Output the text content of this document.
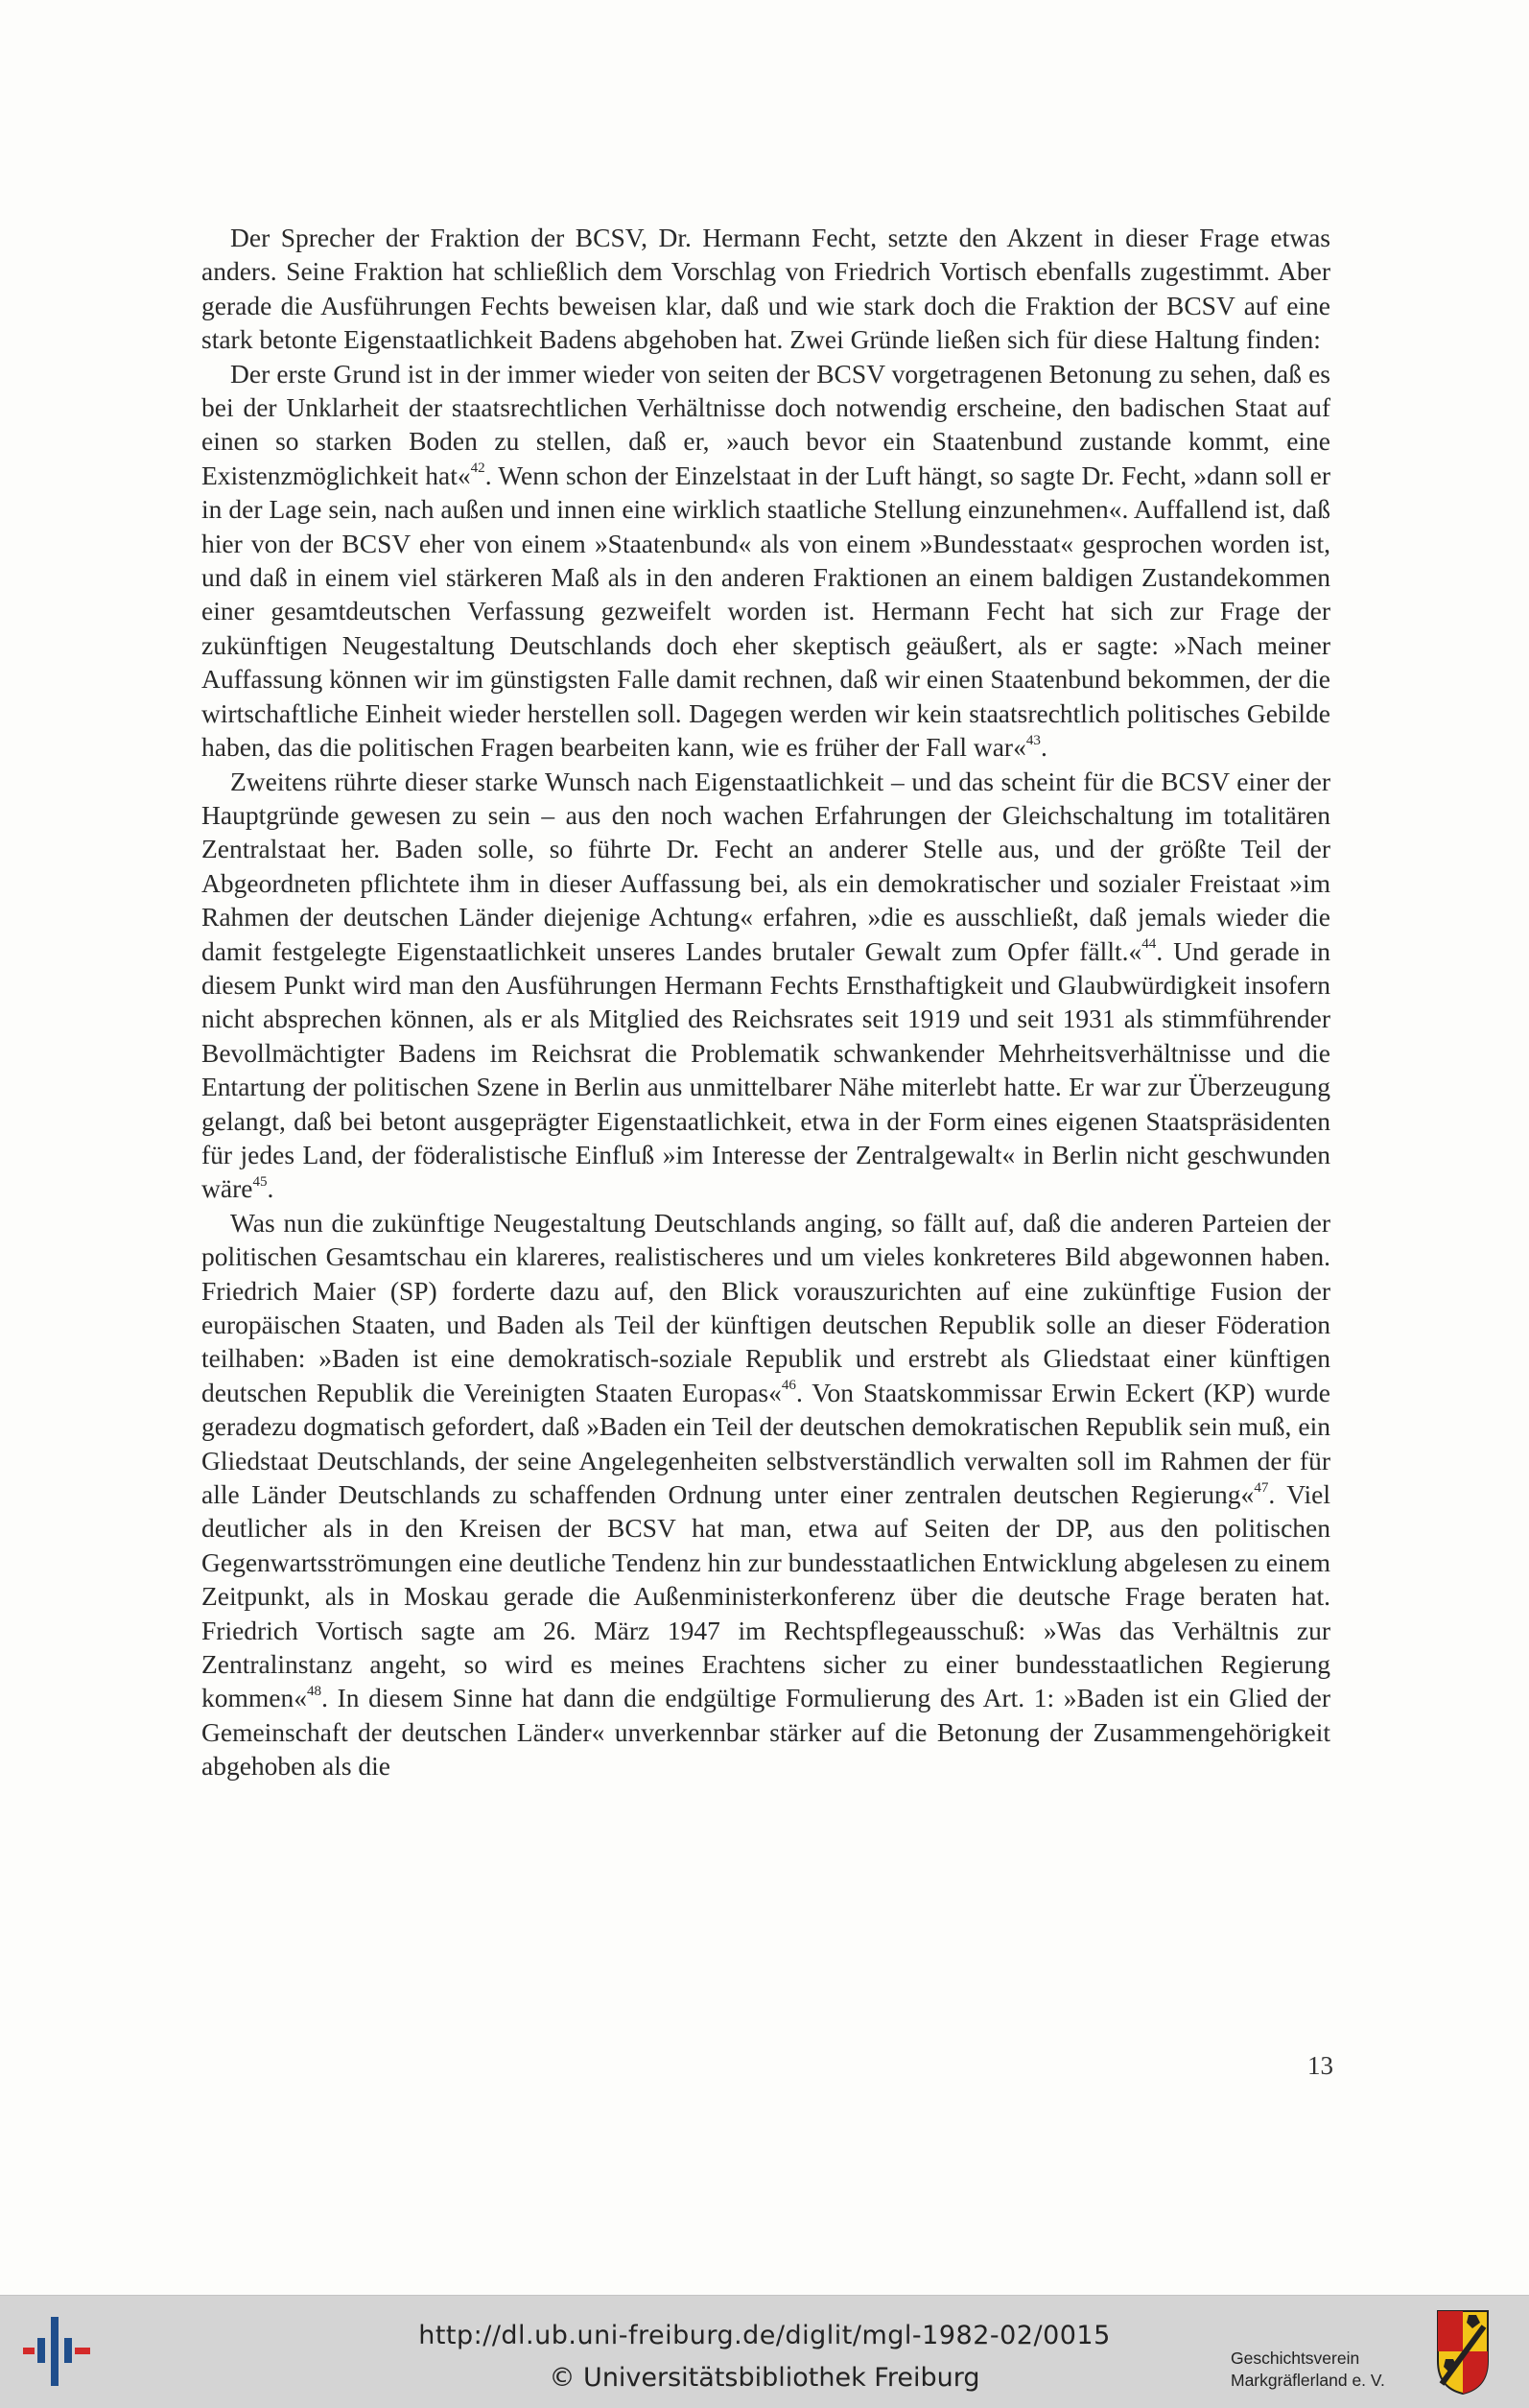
Der Sprecher der Fraktion der BCSV, Dr. Hermann Fecht, setzte den Akzent in dieser Frage etwas anders. Seine Fraktion hat schließlich dem Vorschlag von Friedrich Vortisch ebenfalls zugestimmt. Aber gerade die Ausführungen Fechts beweisen klar, daß und wie stark doch die Fraktion der BCSV auf eine stark betonte Eigenstaatlichkeit Badens abgehoben hat. Zwei Gründe ließen sich für diese Haltung finden:

Der erste Grund ist in der immer wieder von seiten der BCSV vorgetragenen Betonung zu sehen, daß es bei der Unklarheit der staatsrechtlichen Verhältnisse doch notwendig erscheine, den badischen Staat auf einen so starken Boden zu stellen, daß er, »auch bevor ein Staatenbund zustande kommt, eine Existenzmöglichkeit hat«$^{42}$. Wenn schon der Einzelstaat in der Luft hängt, so sagte Dr. Fecht, »dann soll er in der Lage sein, nach außen und innen eine wirklich staatliche Stellung einzunehmen«. Auffallend ist, daß hier von der BCSV eher von einem »Staatenbund« als von einem »Bundesstaat« gesprochen worden ist, und daß in einem viel stärkeren Maß als in den anderen Fraktionen an einem baldigen Zustandekommen einer gesamtdeutschen Verfassung gezweifelt worden ist. Hermann Fecht hat sich zur Frage der zukünftigen Neugestaltung Deutschlands doch eher skeptisch geäußert, als er sagte: »Nach meiner Auffassung können wir im günstigsten Falle damit rechnen, daß wir einen Staatenbund bekommen, der die wirtschaftliche Einheit wieder herstellen soll. Dagegen werden wir kein staatsrechtlich politisches Gebilde haben, das die politischen Fragen bearbeiten kann, wie es früher der Fall war«$^{43}$.

Zweitens rührte dieser starke Wunsch nach Eigenstaatlichkeit – und das scheint für die BCSV einer der Hauptgründe gewesen zu sein – aus den noch wachen Erfahrungen der Gleichschaltung im totalitären Zentralstaat her. Baden solle, so führte Dr. Fecht an anderer Stelle aus, und der größte Teil der Abgeordneten pflichtete ihm in dieser Auffassung bei, als ein demokratischer und sozialer Freistaat »im Rahmen der deutschen Länder diejenige Achtung« erfahren, »die es ausschließt, daß jemals wieder die damit festgelegte Eigenstaatlichkeit unseres Landes brutaler Gewalt zum Opfer fällt.«$^{44}$. Und gerade in diesem Punkt wird man den Ausführungen Hermann Fechts Ernsthaftigkeit und Glaubwürdigkeit insofern nicht absprechen können, als er als Mitglied des Reichsrates seit 1919 und seit 1931 als stimmführender Bevollmächtigter Badens im Reichsrat die Problematik schwankender Mehrheitsverhältnisse und die Entartung der politischen Szene in Berlin aus unmittelbarer Nähe miterlebt hatte. Er war zur Überzeugung gelangt, daß bei betont ausgeprägter Eigenstaatlichkeit, etwa in der Form eines eigenen Staatspräsidenten für jedes Land, der föderalistische Einfluß »im Interesse der Zentralgewalt« in Berlin nicht geschwunden wäre$^{45}$.

Was nun die zukünftige Neugestaltung Deutschlands anging, so fällt auf, daß die anderen Parteien der politischen Gesamtschau ein klareres, realistischeres und um vieles konkreteres Bild abgewonnen haben. Friedrich Maier (SP) forderte dazu auf, den Blick vorauszurichten auf eine zukünftige Fusion der europäischen Staaten, und Baden als Teil der künftigen deutschen Republik solle an dieser Föderation teilhaben: »Baden ist eine demokratisch-soziale Republik und erstrebt als Gliedstaat einer künftigen deutschen Republik die Vereinigten Staaten Europas«$^{46}$. Von Staatskommissar Erwin Eckert (KP) wurde geradezu dogmatisch gefordert, daß »Baden ein Teil der deutschen demokratischen Republik sein muß, ein Gliedstaat Deutschlands, der seine Angelegenheiten selbstverständlich verwalten soll im Rahmen der für alle Länder Deutschlands zu schaffenden Ordnung unter einer zentralen deutschen Regierung«$^{47}$. Viel deutlicher als in den Kreisen der BCSV hat man, etwa auf Seiten der DP, aus den politischen Gegenwartsströmungen eine deutliche Tendenz hin zur bundesstaatlichen Entwicklung abgelesen zu einem Zeitpunkt, als in Moskau gerade die Außenministerkonferenz über die deutsche Frage beraten hat. Friedrich Vortisch sagte am 26. März 1947 im Rechtspflegeausschuß: »Was das Verhältnis zur Zentralinstanz angeht, so wird es meines Erachtens sicher zu einer bundesstaatlichen Regierung kommen«$^{48}$. In diesem Sinne hat dann die endgültige Formulierung des Art. 1: »Baden ist ein Glied der Gemeinschaft der deutschen Länder« unverkennbar stärker auf die Betonung der Zusammengehörigkeit abgehoben als die

13
http://dl.ub.uni-freiburg.de/diglit/mgl-1982-02/0015
© Universitätsbibliothek Freiburg
Geschichtsverein
Markgräflerland e. V.
